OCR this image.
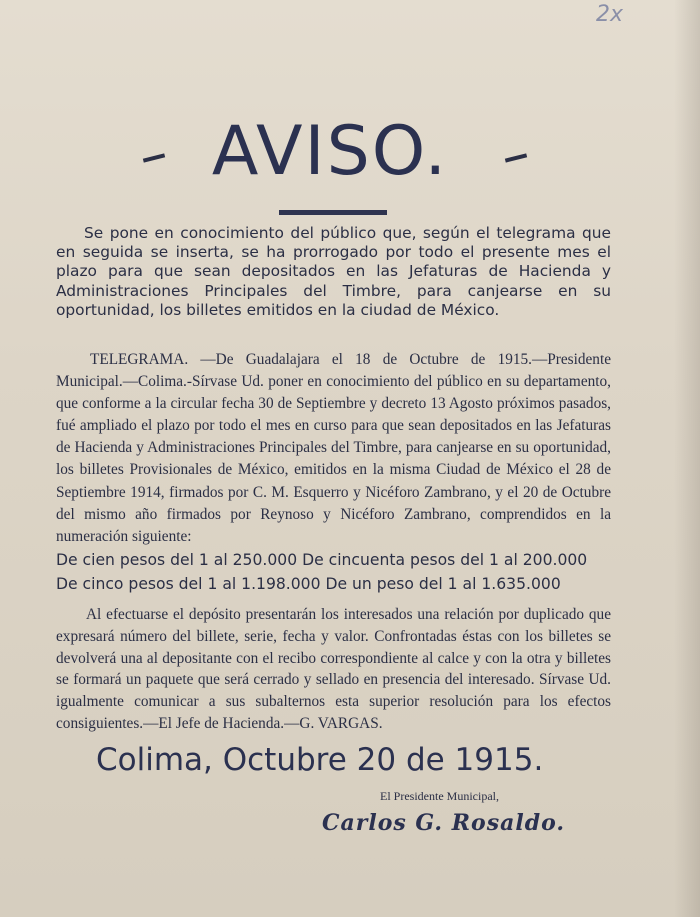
2x
AVISO.

Se pone en conocimiento del público que, según el telegrama que en seguida se inserta, se ha prorrogado por todo el presente mes el plazo para que sean depositados en las Jefaturas de Hacienda y Administraciones Principales del Timbre, para canjearse en su oportunidad, los billetes emitidos en la ciudad de México.

TELEGRAMA. —De Guadalajara el 18 de Octubre de 1915.—Presidente Municipal.—Colima.-Sírvase Ud. poner en conocimiento del público en su departamento, que conforme a la circular fecha 30 de Septiembre y decreto 13 Agosto próximos pasados, fué ampliado el plazo por todo el mes en curso para que sean depositados en las Jefaturas de Hacienda y Administraciones Principales del Timbre, para canjearse en su oportunidad, los billetes Provisionales de México, emitidos en la misma Ciudad de México el 28 de Septiembre 1914, firmados por C. M. Esquerro y Nicéforo Zambrano, y el 20 de Octubre del mismo año firmados por Reynoso y Nicéforo Zambrano, comprendidos en la numeración siguiente:

De cien pesos del 1 al 250.000 De cincuenta pesos del 1 al 200.000
De cinco pesos del 1 al 1.198.000 De un peso del 1 al 1.635.000

Al efectuarse el depósito presentarán los interesados una relación por duplicado que expresará número del billete, serie, fecha y valor. Confrontadas éstas con los billetes se devolverá una al depositante con el recibo correspondiente al calce y con la otra y billetes se formará un paquete que será cerrado y sellado en presencia del interesado. Sírvase Ud. igualmente comunicar a sus subalternos esta superior resolución para los efectos consiguientes.—El Jefe de Hacienda.—G. VARGAS.

Colima, Octubre 20 de 1915.
El Presidente Municipal,
Carlos G. Rosaldo.
